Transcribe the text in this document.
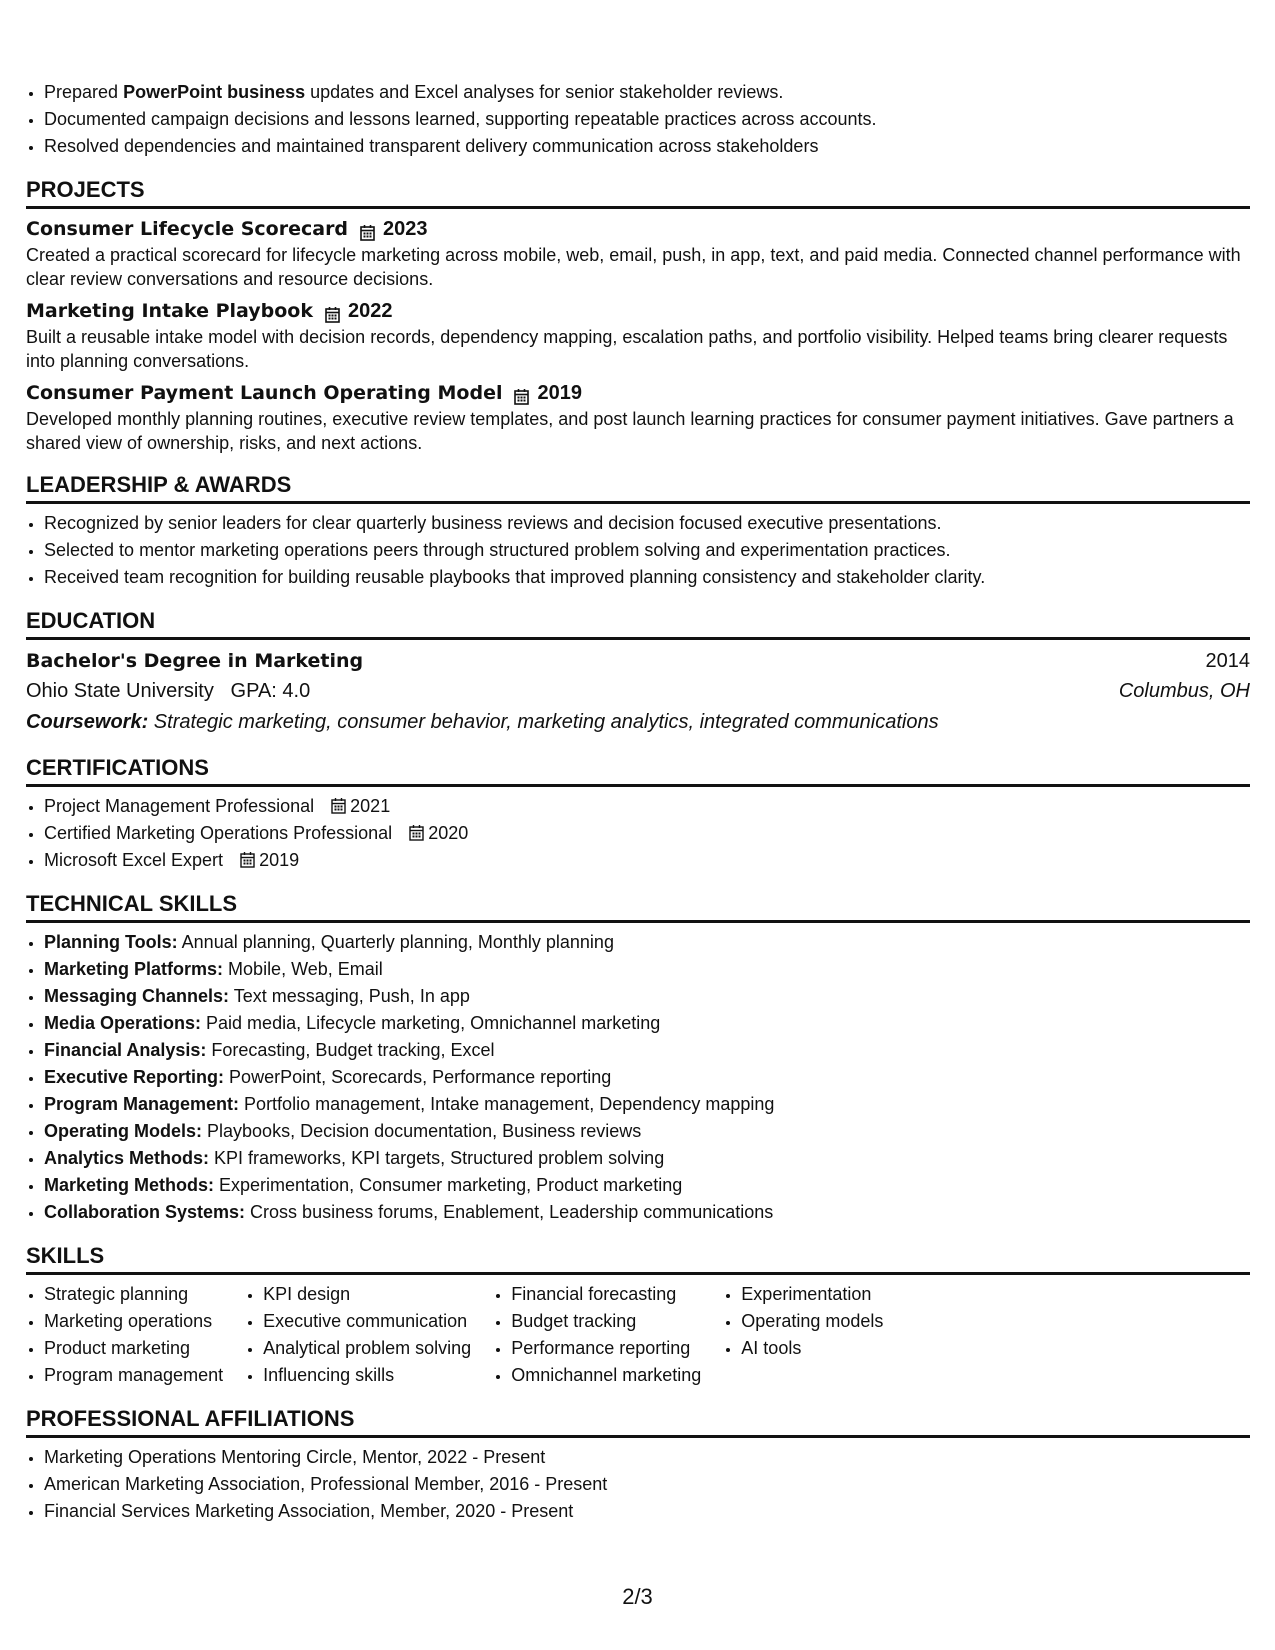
• Prepared PowerPoint business updates and Excel analyses for senior stakeholder reviews.
• Documented campaign decisions and lessons learned, supporting repeatable practices across accounts.
• Resolved dependencies and maintained transparent delivery communication across stakeholders
PROJECTS
Consumer Lifecycle Scorecard 2023
Created a practical scorecard for lifecycle marketing across mobile, web, email, push, in app, text, and paid media. Connected channel performance with clear review conversations and resource decisions.
Marketing Intake Playbook 2022
Built a reusable intake model with decision records, dependency mapping, escalation paths, and portfolio visibility. Helped teams bring clearer requests into planning conversations.
Consumer Payment Launch Operating Model 2019
Developed monthly planning routines, executive review templates, and post launch learning practices for consumer payment initiatives. Gave partners a shared view of ownership, risks, and next actions.
LEADERSHIP & AWARDS
• Recognized by senior leaders for clear quarterly business reviews and decision focused executive presentations.
• Selected to mentor marketing operations peers through structured problem solving and experimentation practices.
• Received team recognition for building reusable playbooks that improved planning consistency and stakeholder clarity.
EDUCATION
Bachelor's Degree in Marketing	2014
Ohio State University GPA: 4.0	Columbus, OH
Coursework: Strategic marketing, consumer behavior, marketing analytics, integrated communications
CERTIFICATIONS
• Project Management Professional 2021
• Certified Marketing Operations Professional 2020
• Microsoft Excel Expert 2019
TECHNICAL SKILLS
• Planning Tools: Annual planning, Quarterly planning, Monthly planning
• Marketing Platforms: Mobile, Web, Email
• Messaging Channels: Text messaging, Push, In app
• Media Operations: Paid media, Lifecycle marketing, Omnichannel marketing
• Financial Analysis: Forecasting, Budget tracking, Excel
• Executive Reporting: PowerPoint, Scorecards, Performance reporting
• Program Management: Portfolio management, Intake management, Dependency mapping
• Operating Models: Playbooks, Decision documentation, Business reviews
• Analytics Methods: KPI frameworks, KPI targets, Structured problem solving
• Marketing Methods: Experimentation, Consumer marketing, Product marketing
• Collaboration Systems: Cross business forums, Enablement, Leadership communications
SKILLS
• Strategic planning
• Marketing operations
• Product marketing
• Program management
• KPI design
• Executive communication
• Analytical problem solving
• Influencing skills
• Financial forecasting
• Budget tracking
• Performance reporting
• Omnichannel marketing
• Experimentation
• Operating models
• AI tools
PROFESSIONAL AFFILIATIONS
• Marketing Operations Mentoring Circle, Mentor, 2022 - Present
• American Marketing Association, Professional Member, 2016 - Present
• Financial Services Marketing Association, Member, 2020 - Present
2/3
